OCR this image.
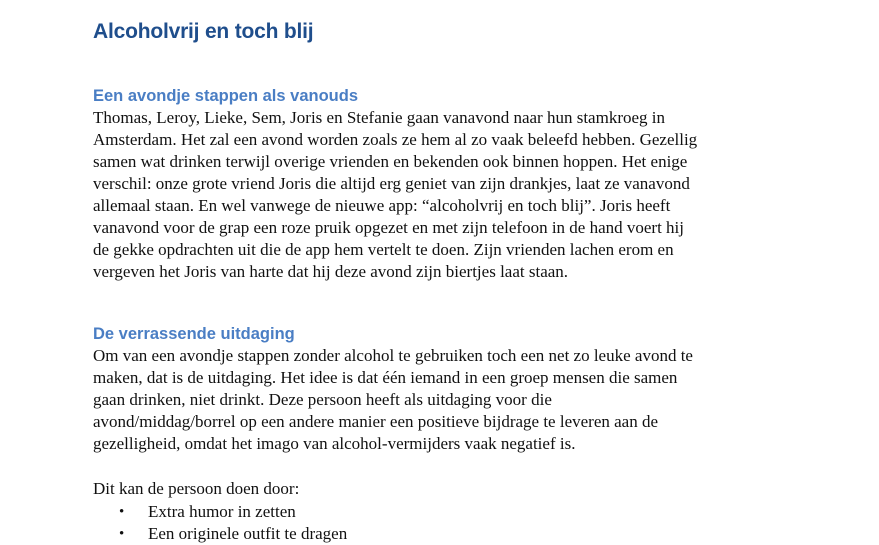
Alcoholvrij en toch blij
Een avondje stappen als vanouds

Thomas, Leroy, Lieke, Sem, Joris en Stefanie gaan vanavond naar hun stamkroeg in

Amsterdam. Het zal een avond worden zoals ze hem al zo vaak beleefd hebben. Gezellig

samen wat drinken terwijl overige vrienden en bekenden ook binnen hoppen. Het enige

verschil: onze grote vriend Joris die altijd erg geniet van zijn drankjes, laat ze vanavond

allemaal staan. En wel vanwege de nieuwe app: “alcoholvrij en toch blij”. Joris heeft

vanavond voor de grap een roze pruik opgezet en met zijn telefoon in de hand voert hij

de gekke opdrachten uit die de app hem vertelt te doen. Zijn vrienden lachen erom en

vergeven het Joris van harte dat hij deze avond zijn biertjes laat staan.

De verrassende uitdaging

Om van een avondje stappen zonder alcohol te gebruiken toch een net zo leuke avond te

maken, dat is de uitdaging. Het idee is dat één iemand in een groep mensen die samen

gaan drinken, niet drinkt. Deze persoon heeft als uitdaging voor die

avond/middag/borrel op een andere manier een positieve bijdrage te leveren aan de

gezelligheid, omdat het imago van alcohol-vermijders vaak negatief is.

Dit kan de persoon doen door:

•	Extra humor in zetten
•	Een originele outfit te dragen
